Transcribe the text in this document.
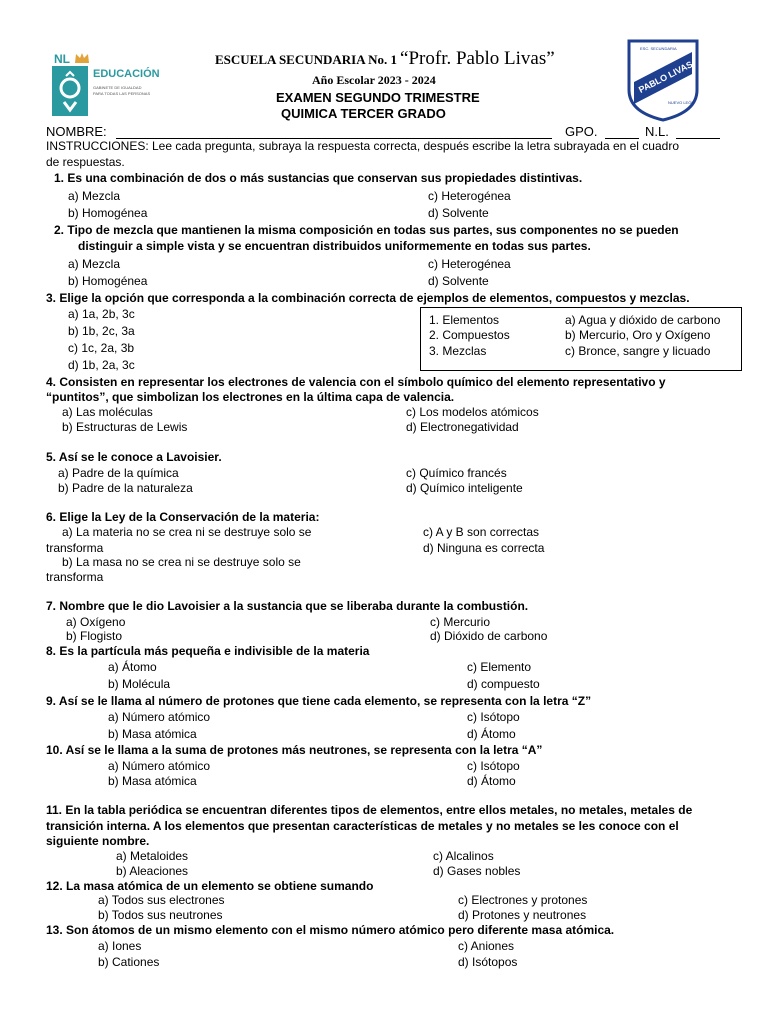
NL
EDUCACIÓN
GABINETE DE IGUALDAD
PARA TODAS LAS PERSONAS
ESC. SECUNDARIA
PABLO LIVAS
NUEVO LEÓN
ESCUELA SECUNDARIA No. 1 “Profr. Pablo Livas”
Año Escolar 2023 - 2024
EXAMEN SEGUNDO TRIMESTRE
QUIMICA TERCER GRADO
NOMBRE:	GPO.	N.L.
INSTRUCCIONES: Lee cada pregunta, subraya la respuesta correcta, después escribe la letra subrayada en el cuadro
de respuestas.
1. Es una combinación de dos o más sustancias que conservan sus propiedades distintivas.
a) Mezcla
b) Homogénea
c) Heterogénea
d) Solvente
2. Tipo de mezcla que mantienen la misma composición en todas sus partes, sus componentes no se pueden
distinguir a simple vista y se encuentran distribuidos uniformemente en todas sus partes.
a) Mezcla
b) Homogénea
c) Heterogénea
d) Solvente
3. Elige la opción que corresponda a la combinación correcta de ejemplos de elementos, compuestos y mezclas.
a) 1a, 2b, 3c
b) 1b, 2c, 3a
c) 1c, 2a, 3b
d) 1b, 2a, 3c
1. Elementos
2. Compuestos
3. Mezclas
a) Agua y dióxido de carbono
b) Mercurio, Oro y Oxígeno
c) Bronce, sangre y licuado
4. Consisten en representar los electrones de valencia con el símbolo químico del elemento representativo y
“puntitos”, que simbolizan los electrones en la última capa de valencia.
a) Las moléculas
b) Estructuras de Lewis
c) Los modelos atómicos
d) Electronegatividad
5. Así se le conoce a Lavoisier.
a) Padre de la química
b) Padre de la naturaleza
c) Químico francés
d) Químico inteligente
6. Elige la Ley de la Conservación de la materia:
a) La materia no se crea ni se destruye solo se
transforma
b) La masa no se crea ni se destruye solo se
transforma
c) A y B son correctas
d) Ninguna es correcta
7. Nombre que le dio Lavoisier a la sustancia que se liberaba durante la combustión.
a) Oxígeno
b) Flogisto
c) Mercurio
d) Dióxido de carbono
8. Es la partícula más pequeña e indivisible de la materia
a) Átomo
b) Molécula
c) Elemento
d) compuesto
9. Así se le llama al número de protones que tiene cada elemento, se representa con la letra “Z”
a) Número atómico
b) Masa atómica
c) Isótopo
d) Átomo
10. Así se le llama a la suma de protones más neutrones, se representa con la letra “A”
a) Número atómico
b) Masa atómica
c) Isótopo
d) Átomo
11. En la tabla periódica se encuentran diferentes tipos de elementos, entre ellos metales, no metales, metales de
transición interna. A los elementos que presentan características de metales y no metales se les conoce con el
siguiente nombre.
a) Metaloides
b) Aleaciones
c) Alcalinos
d) Gases nobles
12. La masa atómica de un elemento se obtiene sumando
a) Todos sus electrones
b) Todos sus neutrones
c) Electrones y protones
d) Protones y neutrones
13. Son átomos de un mismo elemento con el mismo número atómico pero diferente masa atómica.
a) Iones
b) Cationes
c) Aniones
d) Isótopos
